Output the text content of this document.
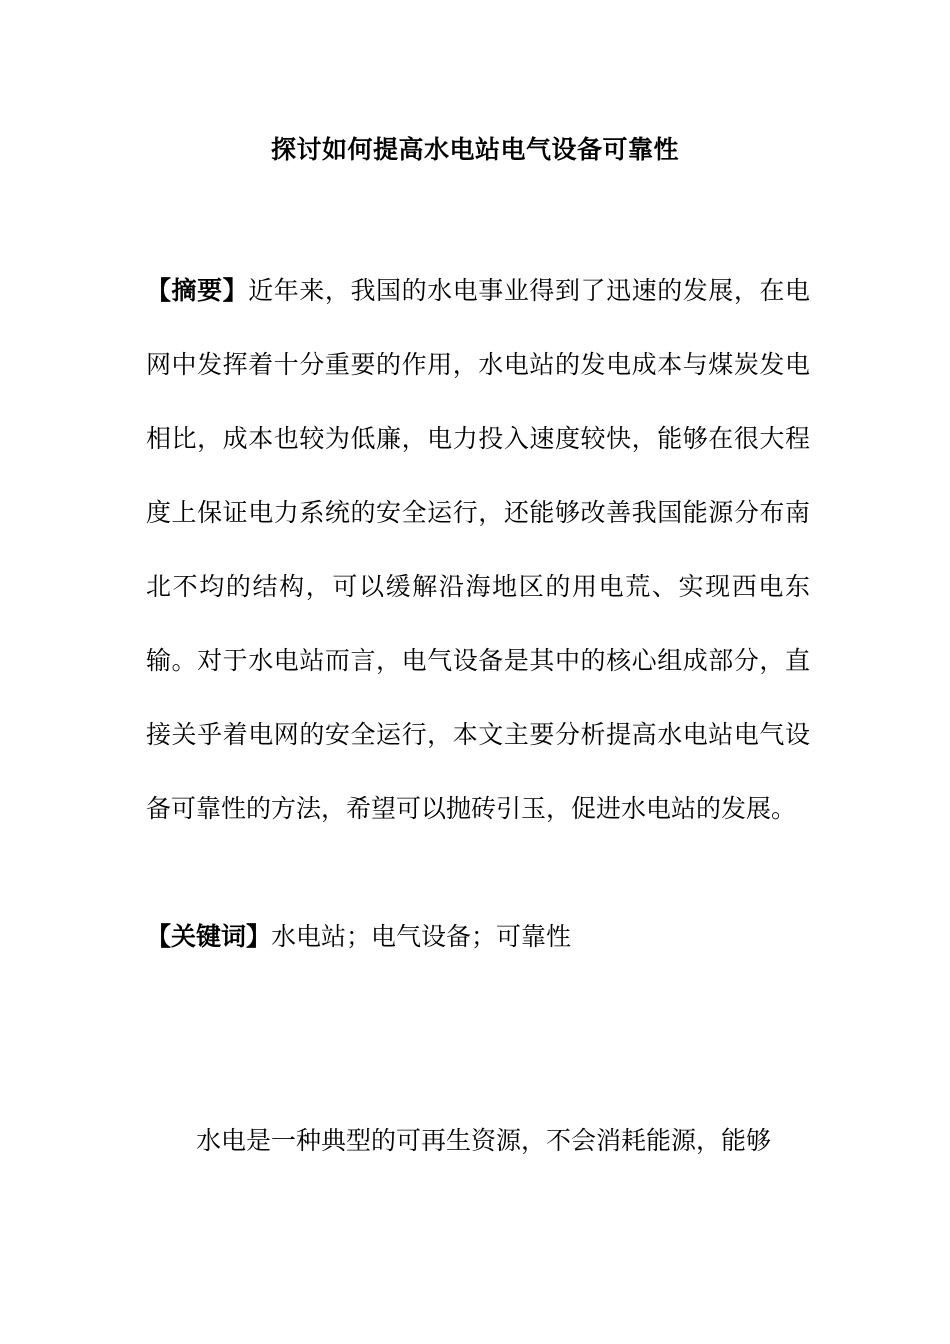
探讨如何提高水电站电气设备可靠性

【摘要】近年来，我国的水电事业得到了迅速的发展，在电网中发挥着十分重要的作用，水电站的发电成本与煤炭发电相比，成本也较为低廉，电力投入速度较快，能够在很大程度上保证电力系统的安全运行，还能够改善我国能源分布南北不均的结构，可以缓解沿海地区的用电荒、实现西电东输。对于水电站而言，电气设备是其中的核心组成部分，直接关乎着电网的安全运行，本文主要分析提高水电站电气设备可靠性的方法，希望可以抛砖引玉，促进水电站的发展。

【关键词】水电站；电气设备；可靠性

水电是一种典型的可再生资源，不会消耗能源，能够
